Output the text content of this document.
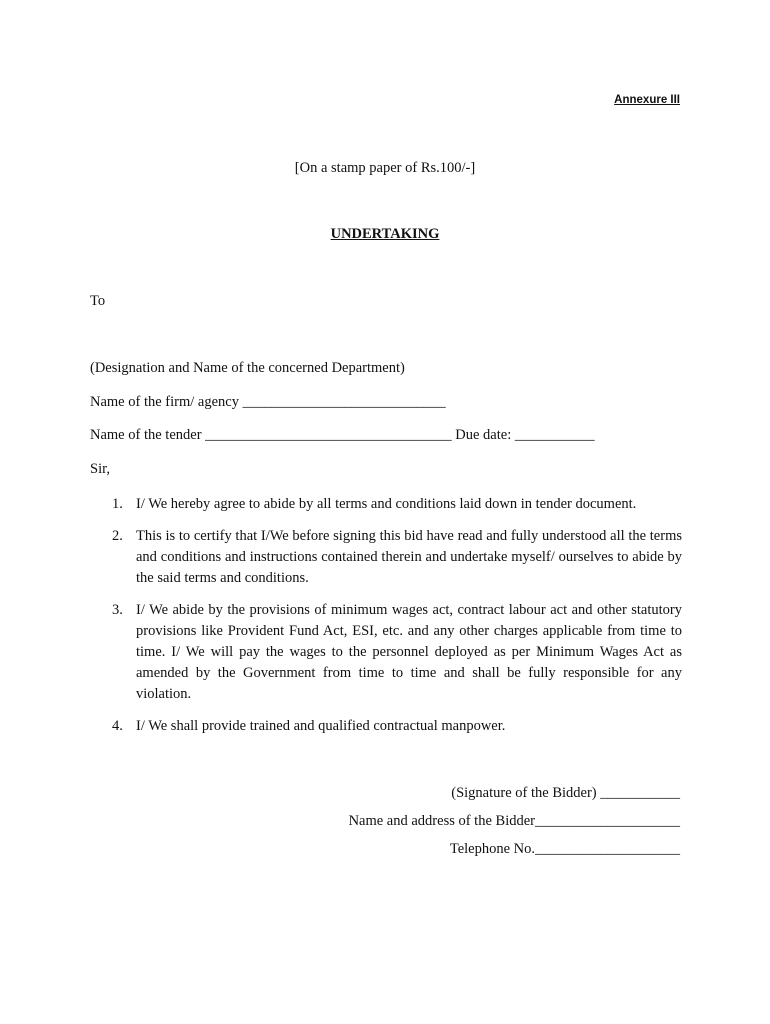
Annexure III
[On a stamp paper of Rs.100/-]
UNDERTAKING
To
(Designation and Name of the concerned Department)
Name of the firm/ agency ____________________________
Name of the tender __________________________________ Due date: ___________
Sir,
1. I/ We hereby agree to abide by all terms and conditions laid down in tender document.
2. This is to certify that I/We before signing this bid have read and fully understood all the terms and conditions and instructions contained therein and undertake myself/ ourselves to abide by the said terms and conditions.
3. I/ We abide by the provisions of minimum wages act, contract labour act and other statutory provisions like Provident Fund Act, ESI, etc. and any other charges applicable from time to time. I/ We will pay the wages to the personnel deployed as per Minimum Wages Act as amended by the Government from time to time and shall be fully responsible for any violation.
4. I/ We shall provide trained and qualified contractual manpower.
(Signature of the Bidder) ___________
Name and address of the Bidder____________________
Telephone No.____________________
